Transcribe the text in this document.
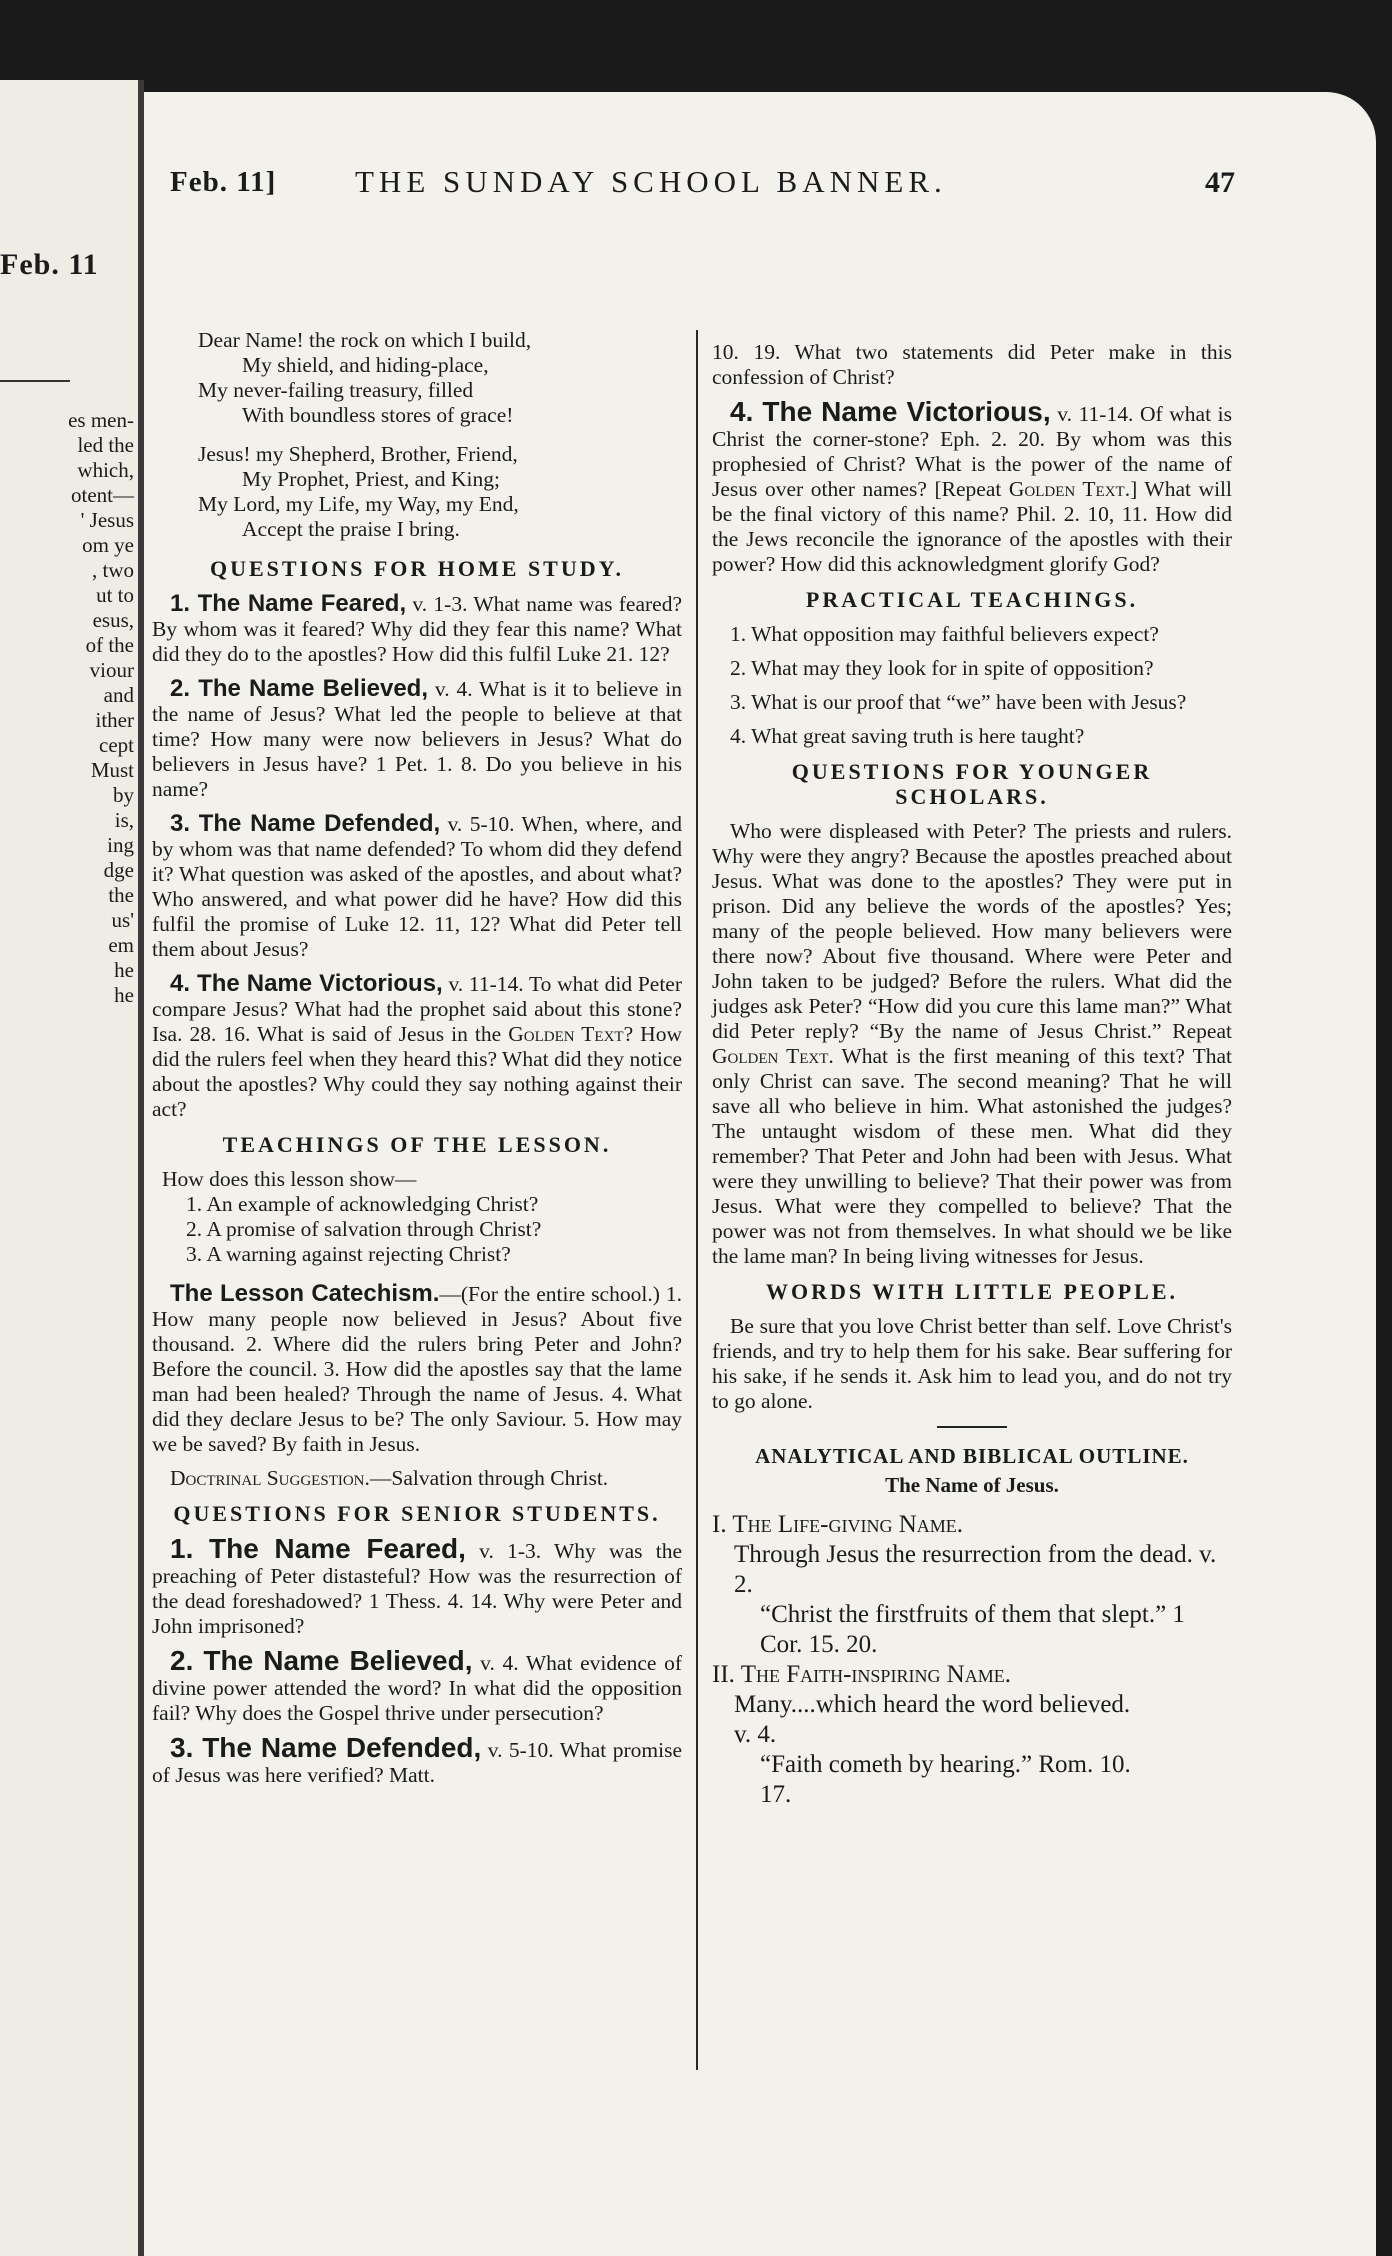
Feb. 11
es men-
led the
which,
otent—
' Jesus
om ye
, two
ut to
esus,
of the
viour
and
ither
cept
Must
by
is,
ing
dge
the
us'
em
he
he
Feb. 11]	THE SUNDAY SCHOOL BANNER.	47
Dear Name! the rock on which I build,
My shield, and hiding-place,
My never-failing treasury, filled
With boundless stores of grace!
Jesus! my Shepherd, Brother, Friend,
My Prophet, Priest, and King;
My Lord, my Life, my Way, my End,
Accept the praise I bring.
QUESTIONS FOR HOME STUDY.

1. The Name Feared, v. 1-3. What name was feared? By whom was it feared? Why did they fear this name? What did they do to the apostles? How did this fulfil Luke 21. 12?

2. The Name Believed, v. 4. What is it to believe in the name of Jesus? What led the people to believe at that time? How many were now believers in Jesus? What do believers in Jesus have? 1 Pet. 1. 8. Do you believe in his name?

3. The Name Defended, v. 5-10. When, where, and by whom was that name defended? To whom did they defend it? What question was asked of the apostles, and about what? Who answered, and what power did he have? How did this fulfil the promise of Luke 12. 11, 12? What did Peter tell them about Jesus?

4. The Name Victorious, v. 11-14. To what did Peter compare Jesus? What had the prophet said about this stone? Isa. 28. 16. What is said of Jesus in the Golden Text? How did the rulers feel when they heard this? What did they notice about the apostles? Why could they say nothing against their act?

TEACHINGS OF THE LESSON.
How does this lesson show—
1. An example of acknowledging Christ?
2. A promise of salvation through Christ?
3. A warning against rejecting Christ?

The Lesson Catechism.—(For the entire school.) 1. How many people now believed in Jesus? About five thousand. 2. Where did the rulers bring Peter and John? Before the council. 3. How did the apostles say that the lame man had been healed? Through the name of Jesus. 4. What did they declare Jesus to be? The only Saviour. 5. How may we be saved? By faith in Jesus.

Doctrinal Suggestion.—Salvation through Christ.

QUESTIONS FOR SENIOR STUDENTS.

1. The Name Feared, v. 1-3. Why was the preaching of Peter distasteful? How was the resurrection of the dead foreshadowed? 1 Thess. 4. 14. Why were Peter and John imprisoned?

2. The Name Believed, v. 4. What evidence of divine power attended the word? In what did the opposition fail? Why does the Gospel thrive under persecution?

3. The Name Defended, v. 5-10. What promise of Jesus was here verified? Matt.

10. 19. What two statements did Peter make in this confession of Christ?

4. The Name Victorious, v. 11-14. Of what is Christ the corner-stone? Eph. 2. 20. By whom was this prophesied of Christ? What is the power of the name of Jesus over other names? [Repeat Golden Text.] What will be the final victory of this name? Phil. 2. 10, 11. How did the Jews reconcile the ignorance of the apostles with their power? How did this acknowledgment glorify God?

PRACTICAL TEACHINGS.

1. What opposition may faithful believers expect?

2. What may they look for in spite of opposition?

3. What is our proof that “we” have been with Jesus?

4. What great saving truth is here taught?

QUESTIONS FOR YOUNGER SCHOLARS.

Who were displeased with Peter? The priests and rulers. Why were they angry? Because the apostles preached about Jesus. What was done to the apostles? They were put in prison. Did any believe the words of the apostles? Yes; many of the people believed. How many believers were there now? About five thousand. Where were Peter and John taken to be judged? Before the rulers. What did the judges ask Peter? “How did you cure this lame man?” What did Peter reply? “By the name of Jesus Christ.” Repeat Golden Text. What is the first meaning of this text? That only Christ can save. The second meaning? That he will save all who believe in him. What astonished the judges? The untaught wisdom of these men. What did they remember? That Peter and John had been with Jesus. What were they unwilling to believe? That their power was from Jesus. What were they compelled to believe? That the power was not from themselves. In what should we be like the lame man? In being living witnesses for Jesus.

WORDS WITH LITTLE PEOPLE.

Be sure that you love Christ better than self. Love Christ's friends, and try to help them for his sake. Bear suffering for his sake, if he sends it. Ask him to lead you, and do not try to go alone.

ANALYTICAL AND BIBLICAL OUTLINE.
The Name of Jesus.
I. The Life-giving Name.
Through Jesus the resurrection from the dead. v. 2.
“Christ the firstfruits of them that slept.” 1 Cor. 15. 20.
II. The Faith-inspiring Name.
Many....which heard the word believed.
v. 4.
“Faith cometh by hearing.” Rom. 10.
17.
